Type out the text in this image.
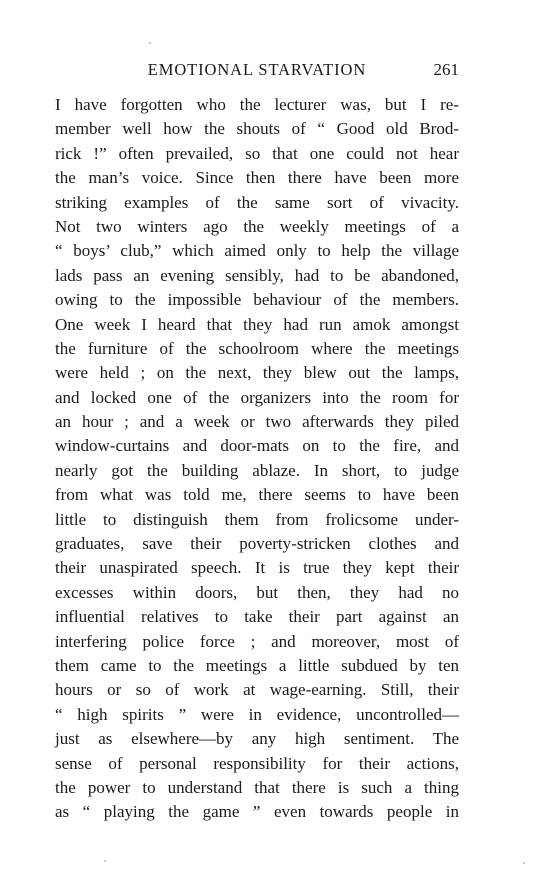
EMOTIONAL STARVATION	261
I have forgotten who the lecturer was, but I re-
member well how the shouts of “ Good old Brod-
rick !” often prevailed, so that one could not hear
the man’s voice. Since then there have been more
striking examples of the same sort of vivacity.
Not two winters ago the weekly meetings of a
“ boys’ club,” which aimed only to help the village
lads pass an evening sensibly, had to be abandoned,
owing to the impossible behaviour of the members.
One week I heard that they had run amok amongst
the furniture of the schoolroom where the meetings
were held ; on the next, they blew out the lamps,
and locked one of the organizers into the room for
an hour ; and a week or two afterwards they piled
window-curtains and door-mats on to the fire, and
nearly got the building ablaze. In short, to judge
from what was told me, there seems to have been
little to distinguish them from frolicsome under-
graduates, save their poverty-stricken clothes and
their unaspirated speech. It is true they kept their
excesses within doors, but then, they had no
influential relatives to take their part against an
interfering police force ; and moreover, most of
them came to the meetings a little subdued by ten
hours or so of work at wage-earning. Still, their
“ high spirits ” were in evidence, uncontrolled—
just as elsewhere—by any high sentiment. The
sense of personal responsibility for their actions,
the power to understand that there is such a thing
as “ playing the game ” even towards people in
